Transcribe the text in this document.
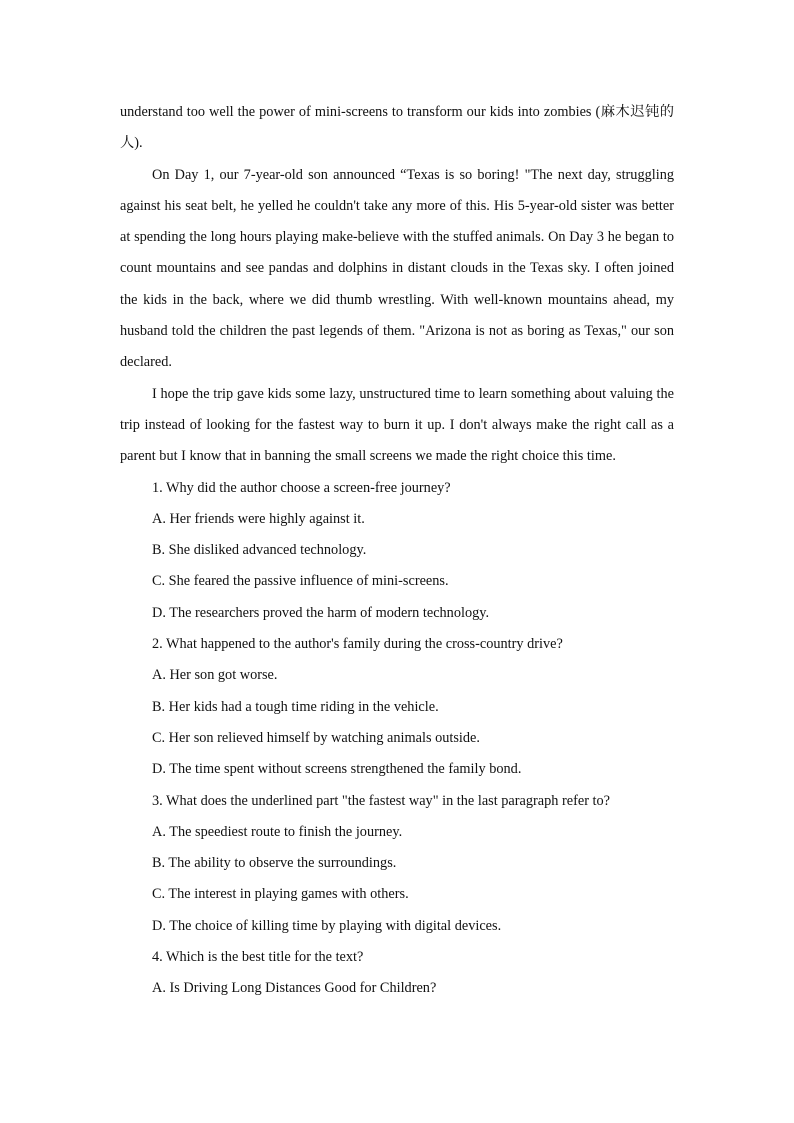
understand too well the power of mini-screens to transform our kids into zombies (麻木迟钝的人).

On Day 1, our 7-year-old son announced “Texas is so boring! "The next day, struggling against his seat belt, he yelled he couldn't take any more of this. His 5-year-old sister was better at spending the long hours playing make-believe with the stuffed animals. On Day 3 he began to count mountains and see pandas and dolphins in distant clouds in the Texas sky. I often joined the kids in the back, where we did thumb wrestling. With well-known mountains ahead, my husband told the children the past legends of them. "Arizona is not as boring as Texas," our son declared.

I hope the trip gave kids some lazy, unstructured time to learn something about valuing the trip instead of looking for the fastest way to burn it up. I don't always make the right call as a parent but I know that in banning the small screens we made the right choice this time.

1. Why did the author choose a screen-free journey?

A. Her friends were highly against it.

B. She disliked advanced technology.

C. She feared the passive influence of mini-screens.

D. The researchers proved the harm of modern technology.

2. What happened to the author's family during the cross-country drive?

A. Her son got worse.

B. Her kids had a tough time riding in the vehicle.

C. Her son relieved himself by watching animals outside.

D. The time spent without screens strengthened the family bond.

3. What does the underlined part "the fastest way" in the last paragraph refer to?

A. The speediest route to finish the journey.

B. The ability to observe the surroundings.

C. The interest in playing games with others.

D. The choice of killing time by playing with digital devices.

4. Which is the best title for the text?

A. Is Driving Long Distances Good for Children?
